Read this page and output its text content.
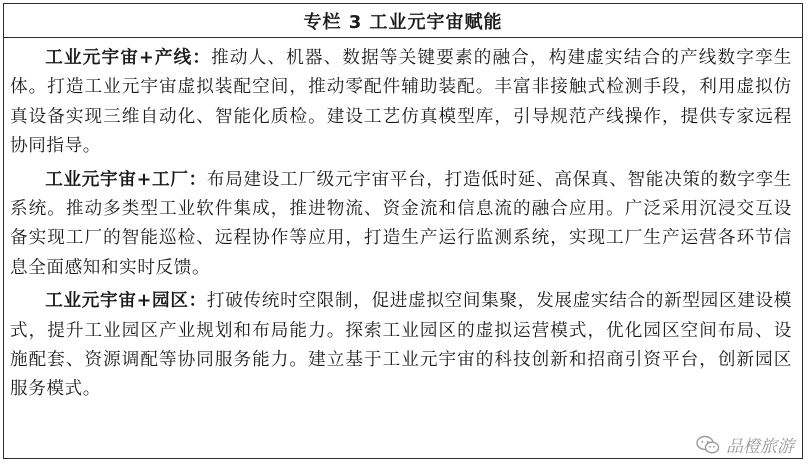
专栏 3 工业元宇宙赋能

工业元宇宙+产线：推动人、机器、数据等关键要素的融合，构建虚实结合的产线数字孪生体。打造工业元宇宙虚拟装配空间，推动零配件辅助装配。丰富非接触式检测手段，利用虚拟仿真设备实现三维自动化、智能化质检。建设工艺仿真模型库，引导规范产线操作，提供专家远程协同指导。

工业元宇宙+工厂：布局建设工厂级元宇宙平台，打造低时延、高保真、智能决策的数字孪生系统。推动多类型工业软件集成，推进物流、资金流和信息流的融合应用。广泛采用沉浸交互设备实现工厂的智能巡检、远程协作等应用，打造生产运行监测系统，实现工厂生产运营各环节信息全面感知和实时反馈。

工业元宇宙+园区：打破传统时空限制，促进虚拟空间集聚，发展虚实结合的新型园区建设模式，提升工业园区产业规划和布局能力。探索工业园区的虚拟运营模式，优化园区空间布局、设施配套、资源调配等协同服务能力。建立基于工业元宇宙的科技创新和招商引资平台，创新园区服务模式。

品橙旅游
